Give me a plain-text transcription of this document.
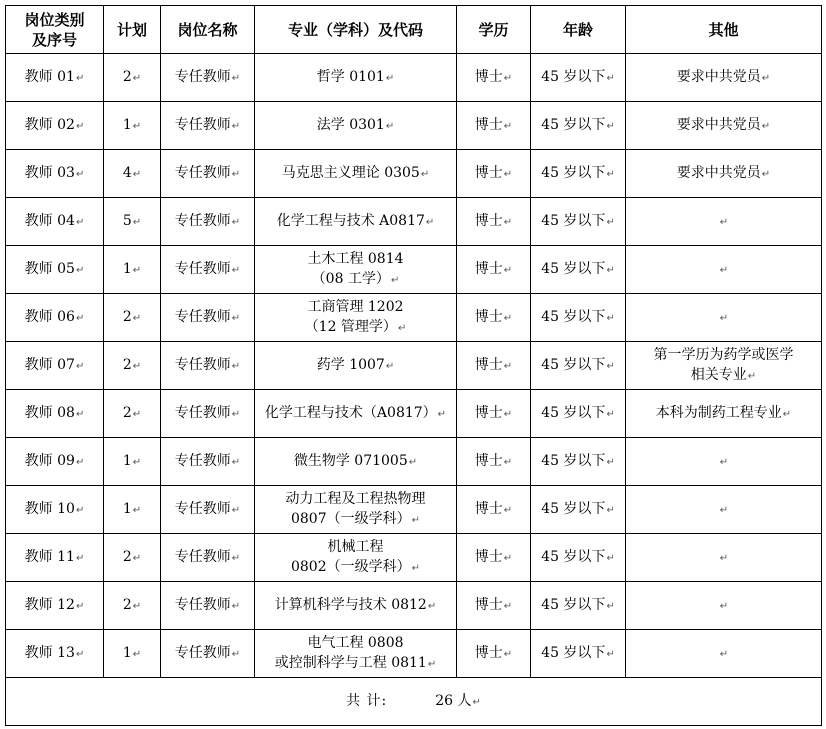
岗位类别
及序号	计划	岗位名称	专业（学科）及代码	学历	年龄	其他
教师 01↵	2↵	专任教师↵	哲学 0101↵	博士↵	45 岁以下↵	要求中共党员↵

教师 02↵	1↵	专任教师↵	法学 0301↵	博士↵	45 岁以下↵	要求中共党员↵

教师 03↵	4↵	专任教师↵	马克思主义理论 0305↵	博士↵	45 岁以下↵	要求中共党员↵

教师 04↵	5↵	专任教师↵	化学工程与技术 A0817↵	博士↵	45 岁以下↵	↵

教师 05↵	1↵	专任教师↵	土木工程 0814
（08 工学）↵	博士↵	45 岁以下↵	↵

教师 06↵	2↵	专任教师↵	工商管理 1202
（12 管理学）↵	博士↵	45 岁以下↵	↵

教师 07↵	2↵	专任教师↵	药学 1007↵	博士↵	45 岁以下↵	第一学历为药学或医学
相关专业↵

教师 08↵	2↵	专任教师↵	化学工程与技术（A0817）↵	博士↵	45 岁以下↵	本科为制药工程专业↵

教师 09↵	1↵	专任教师↵	微生物学 071005↵	博士↵	45 岁以下↵	↵

教师 10↵	1↵	专任教师↵	动力工程及工程热物理
0807（一级学科）↵	博士↵	45 岁以下↵	↵

教师 11↵	2↵	专任教师↵	机械工程
0802（一级学科）↵	博士↵	45 岁以下↵	↵

教师 12↵	2↵	专任教师↵	计算机科学与技术 0812↵	博士↵	45 岁以下↵	↵

教师 13↵	1↵	专任教师↵	电气工程 0808
或控制科学与工程 0811↵	博士↵	45 岁以下↵	↵

共 计: 26 人↵						
